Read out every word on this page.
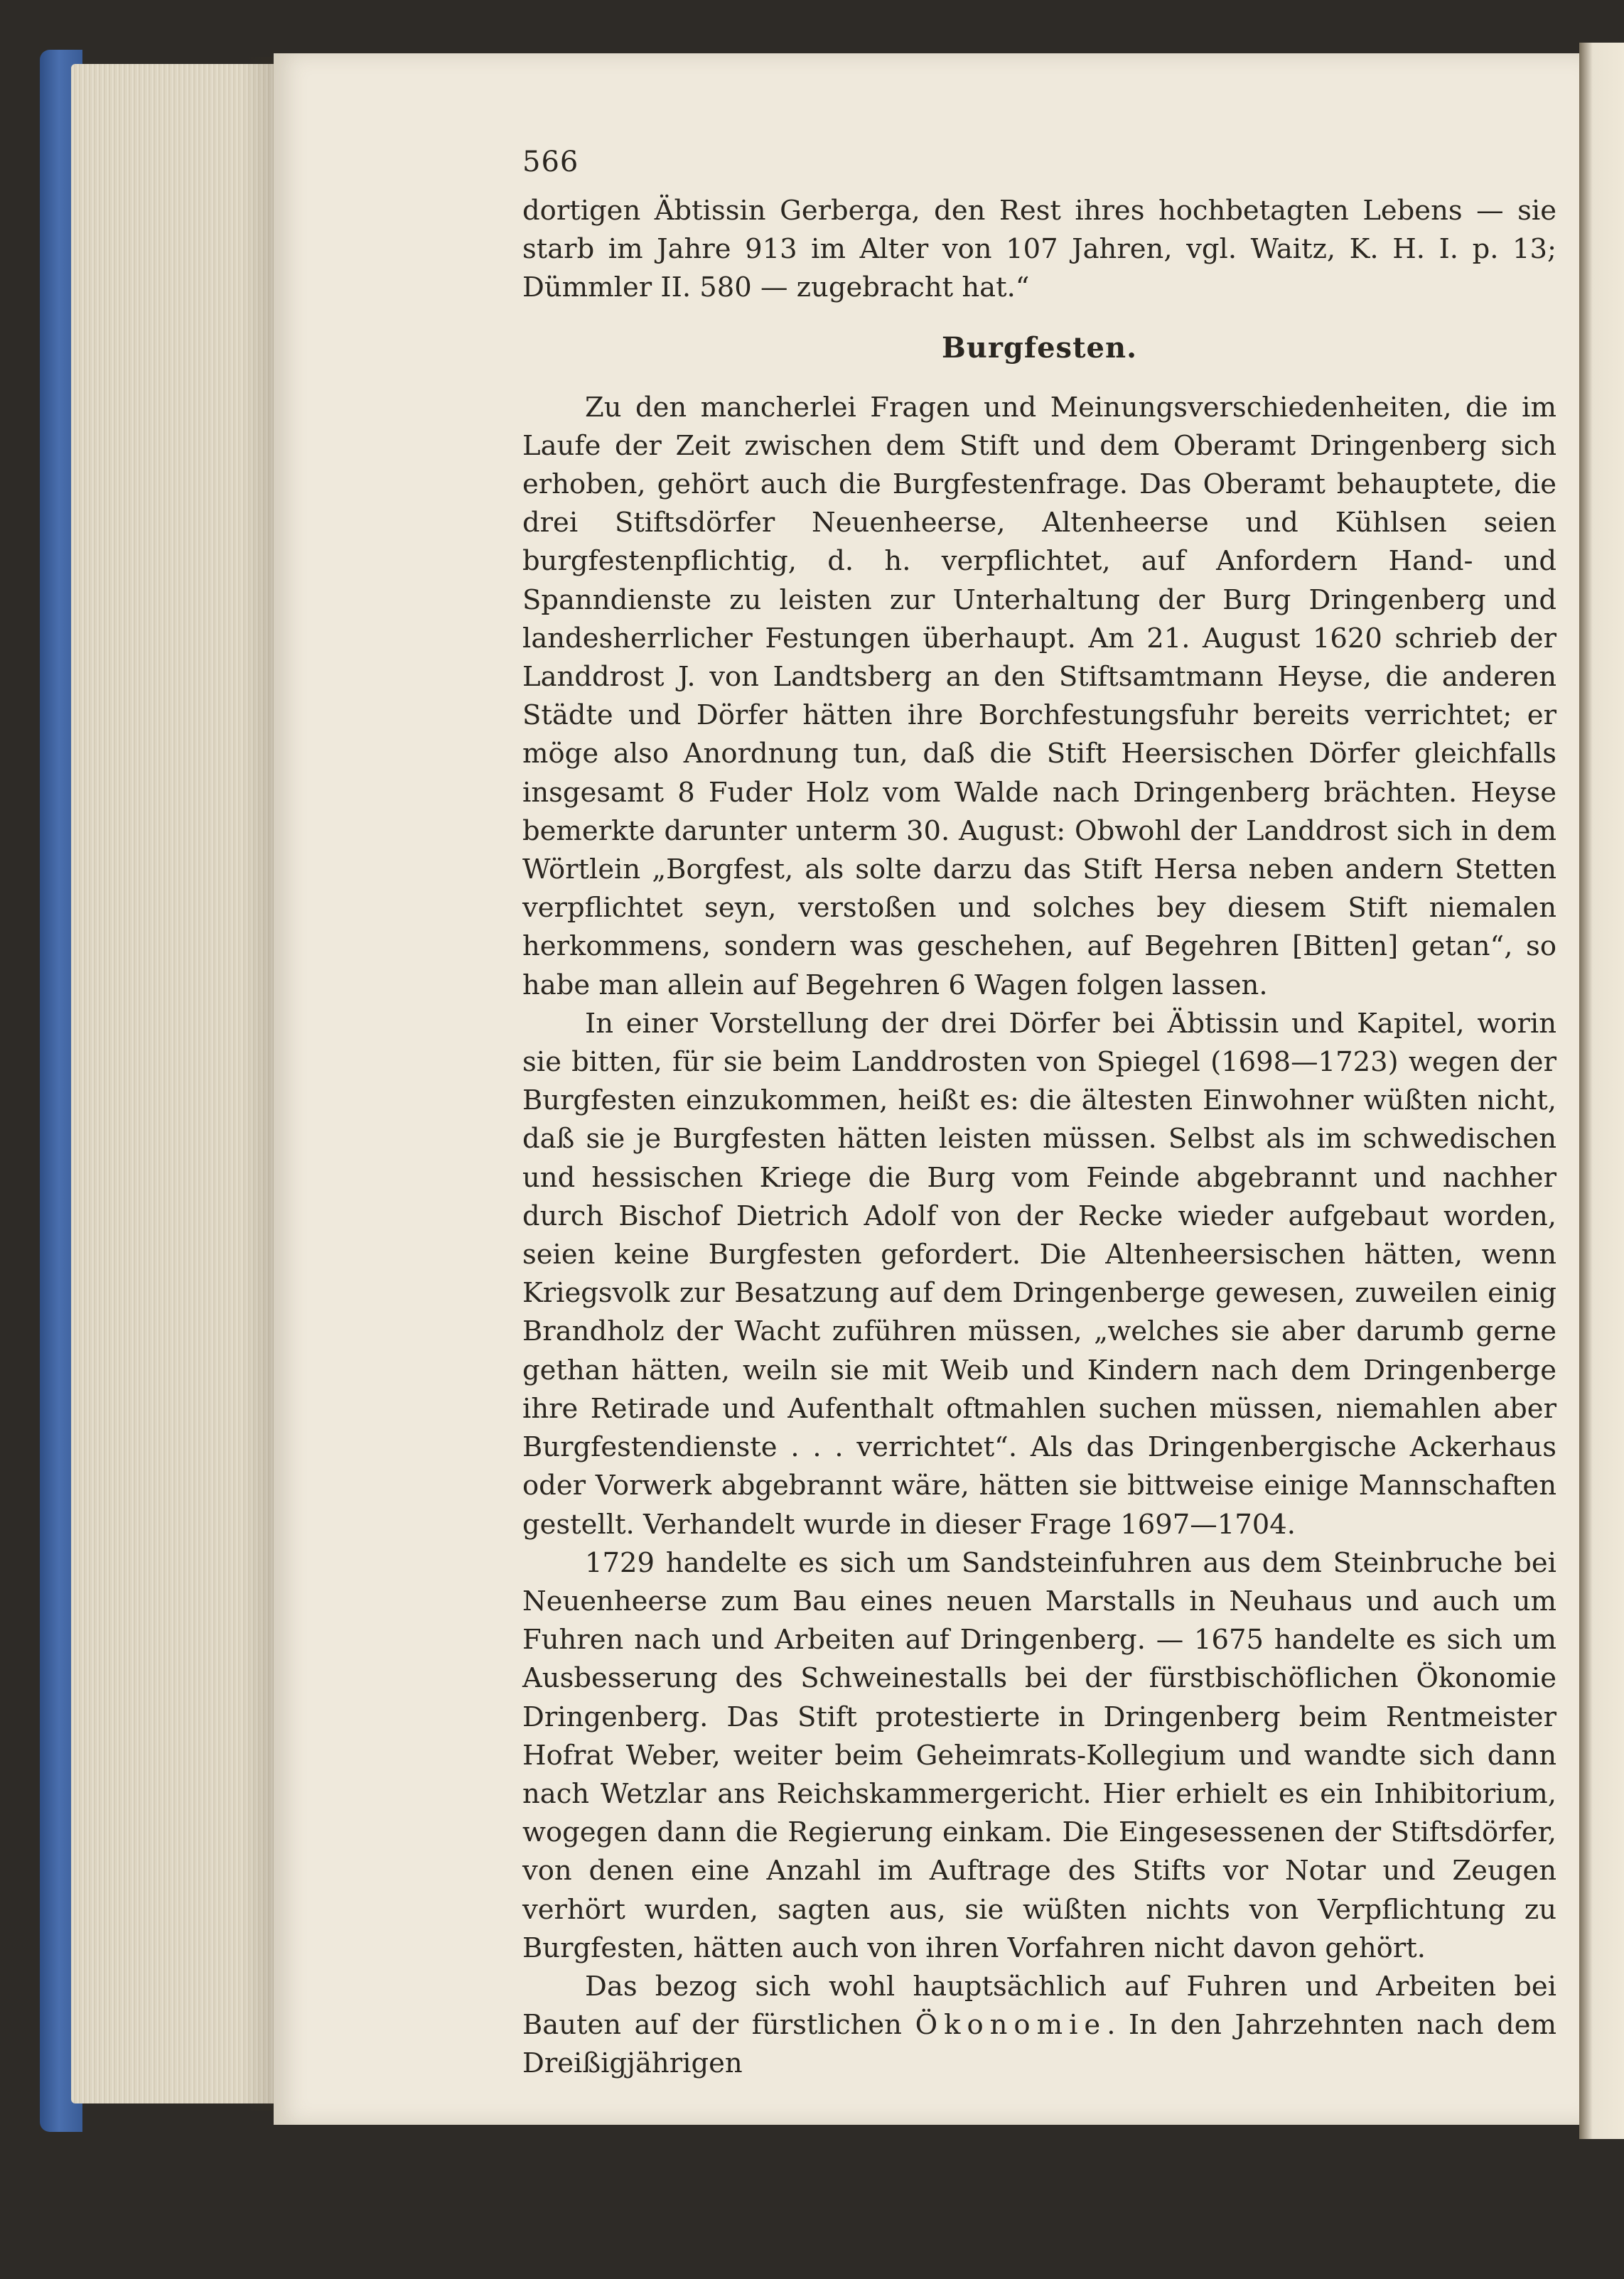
566

dortigen Äbtissin Gerberga, den Rest ihres hochbetagten Lebens — sie starb im Jahre 913 im Alter von 107 Jahren, vgl. Waitz, K. H. I. p. 13; Dümmler II. 580 — zugebracht hat.“

Burgfesten.

Zu den mancherlei Fragen und Meinungsverschiedenheiten, die im Laufe der Zeit zwischen dem Stift und dem Oberamt Dringenberg sich erhoben, gehört auch die Burgfestenfrage. Das Oberamt behauptete, die drei Stiftsdörfer Neuenheerse, Altenheerse und Kühlsen seien burgfestenpflichtig, d. h. verpflichtet, auf Anfordern Hand- und Spanndienste zu leisten zur Unterhaltung der Burg Dringenberg und landesherrlicher Festungen überhaupt. Am 21. August 1620 schrieb der Landdrost J. von Landtsberg an den Stiftsamtmann Heyse, die anderen Städte und Dörfer hätten ihre Borchfestungsfuhr bereits verrichtet; er möge also Anordnung tun, daß die Stift Heersischen Dörfer gleichfalls insgesamt 8 Fuder Holz vom Walde nach Dringenberg brächten. Heyse bemerkte darunter unterm 30. August: Obwohl der Landdrost sich in dem Wörtlein „Borgfest, als solte darzu das Stift Hersa neben andern Stetten verpflichtet seyn, verstoßen und solches bey diesem Stift niemalen herkommens, sondern was geschehen, auf Begehren [Bitten] getan“, so habe man allein auf Begehren 6 Wagen folgen lassen.

In einer Vorstellung der drei Dörfer bei Äbtissin und Kapitel, worin sie bitten, für sie beim Landdrosten von Spiegel (1698—1723) wegen der Burgfesten einzukommen, heißt es: die ältesten Einwohner wüßten nicht, daß sie je Burgfesten hätten leisten müssen. Selbst als im schwedischen und hessischen Kriege die Burg vom Feinde abgebrannt und nachher durch Bischof Dietrich Adolf von der Recke wieder aufgebaut worden, seien keine Burgfesten gefordert. Die Altenheersischen hätten, wenn Kriegsvolk zur Besatzung auf dem Dringenberge gewesen, zuweilen einig Brandholz der Wacht zuführen müssen, „welches sie aber darumb gerne gethan hätten, weiln sie mit Weib und Kindern nach dem Dringenberge ihre Retirade und Aufenthalt oftmahlen suchen müssen, niemahlen aber Burgfestendienste . . . verrichtet“. Als das Dringenbergische Ackerhaus oder Vorwerk abgebrannt wäre, hätten sie bittweise einige Mannschaften gestellt. Verhandelt wurde in dieser Frage 1697—1704.

1729 handelte es sich um Sandsteinfuhren aus dem Steinbruche bei Neuenheerse zum Bau eines neuen Marstalls in Neuhaus und auch um Fuhren nach und Arbeiten auf Dringenberg. — 1675 handelte es sich um Ausbesserung des Schweinestalls bei der fürstbischöflichen Ökonomie Dringenberg. Das Stift protestierte in Dringenberg beim Rentmeister Hofrat Weber, weiter beim Geheimrats-Kollegium und wandte sich dann nach Wetzlar ans Reichskammergericht. Hier erhielt es ein Inhibitorium, wogegen dann die Regierung einkam. Die Eingesessenen der Stiftsdörfer, von denen eine Anzahl im Auftrage des Stifts vor Notar und Zeugen verhört wurden, sagten aus, sie wüßten nichts von Verpflichtung zu Burgfesten, hätten auch von ihren Vorfahren nicht davon gehört.

Das bezog sich wohl hauptsächlich auf Fuhren und Arbeiten bei Bauten auf der fürstlichen Ökonomie. In den Jahrzehnten nach dem Dreißigjährigen
